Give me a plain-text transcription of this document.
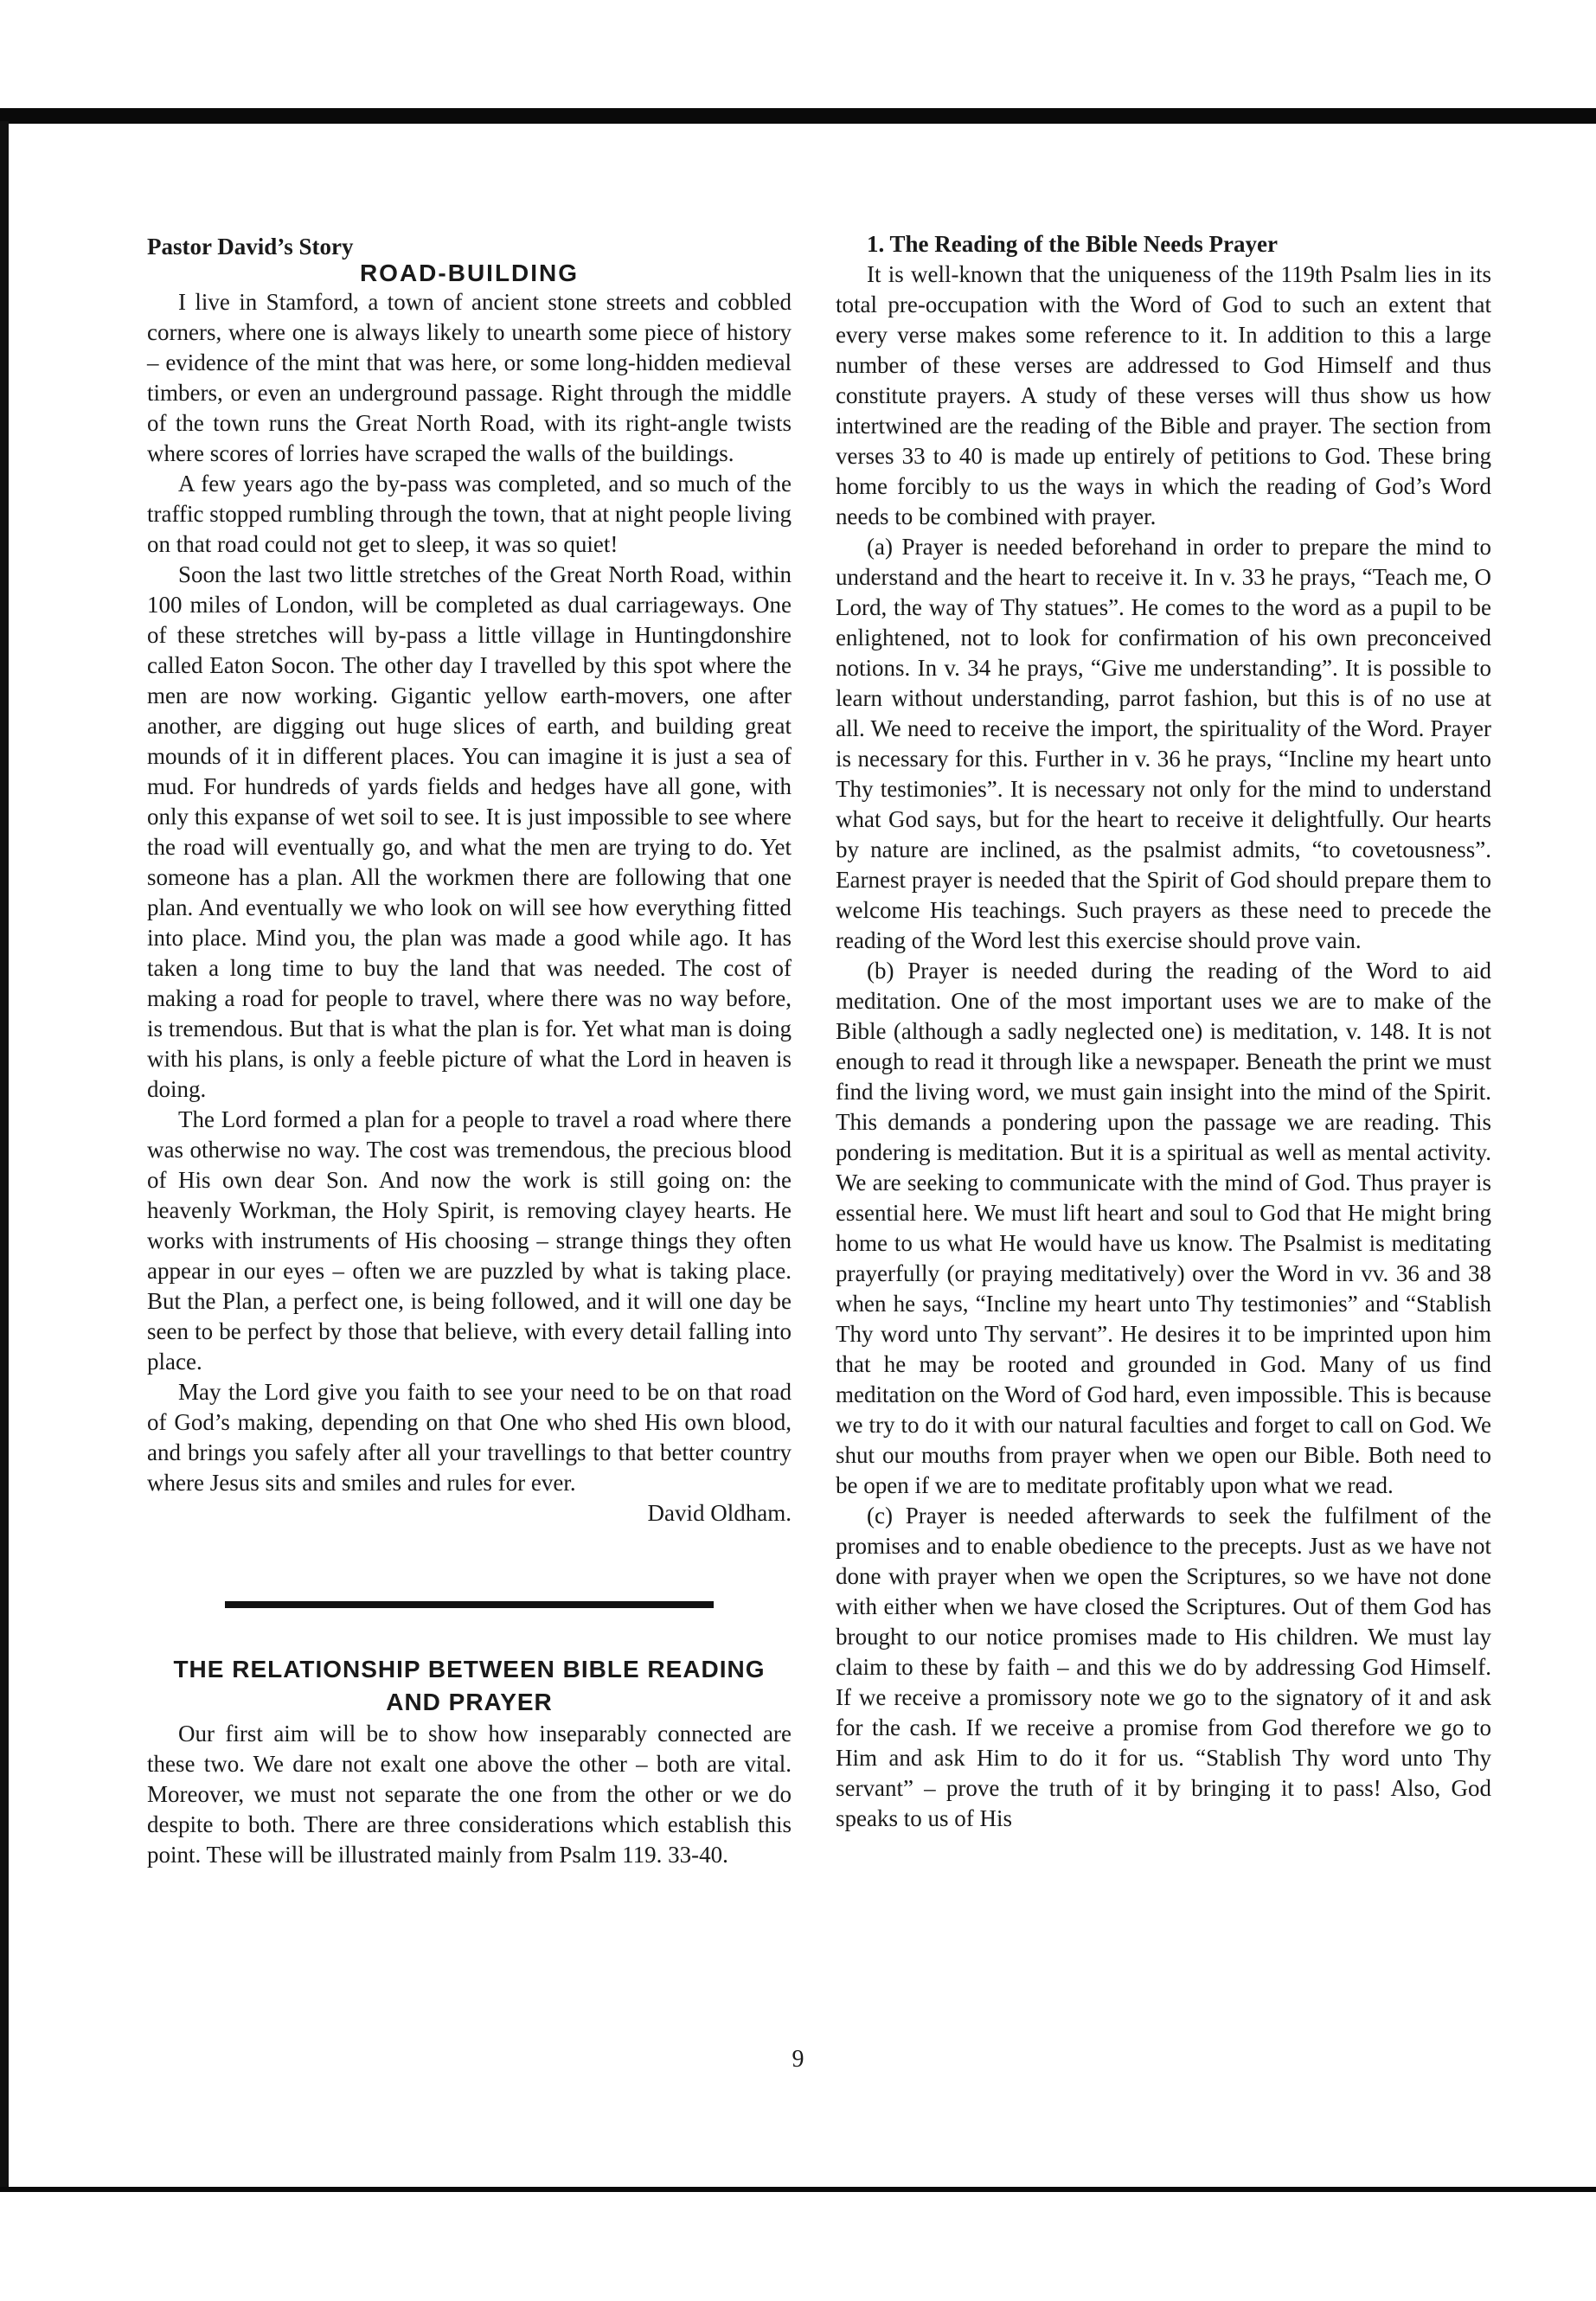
Pastor David’s Story

ROAD-BUILDING

I live in Stamford, a town of ancient stone streets and cobbled corners, where one is always likely to unearth some piece of history – evidence of the mint that was here, or some long-hidden medieval timbers, or even an underground passage. Right through the middle of the town runs the Great North Road, with its right-angle twists where scores of lorries have scraped the walls of the buildings.

A few years ago the by-pass was completed, and so much of the traffic stopped rumbling through the town, that at night people living on that road could not get to sleep, it was so quiet!

Soon the last two little stretches of the Great North Road, within 100 miles of London, will be completed as dual carriageways. One of these stretches will by-pass a little village in Huntingdonshire called Eaton Socon. The other day I travelled by this spot where the men are now working. Gigantic yellow earth-movers, one after another, are digging out huge slices of earth, and building great mounds of it in different places. You can imagine it is just a sea of mud. For hundreds of yards fields and hedges have all gone, with only this expanse of wet soil to see. It is just impossible to see where the road will eventually go, and what the men are trying to do. Yet someone has a plan. All the workmen there are following that one plan. And eventually we who look on will see how everything fitted into place. Mind you, the plan was made a good while ago. It has taken a long time to buy the land that was needed. The cost of making a road for people to travel, where there was no way before, is tremendous. But that is what the plan is for. Yet what man is doing with his plans, is only a feeble picture of what the Lord in heaven is doing.

The Lord formed a plan for a people to travel a road where there was otherwise no way. The cost was tremendous, the precious blood of His own dear Son. And now the work is still going on: the heavenly Workman, the Holy Spirit, is removing clayey hearts. He works with instruments of His choosing – strange things they often appear in our eyes – often we are puzzled by what is taking place. But the Plan, a perfect one, is being followed, and it will one day be seen to be perfect by those that believe, with every detail falling into place.

May the Lord give you faith to see your need to be on that road of God’s making, depending on that One who shed His own blood, and brings you safely after all your travellings to that better country where Jesus sits and smiles and rules for ever.

David Oldham.

THE RELATIONSHIP BETWEEN BIBLE READING
AND PRAYER

Our first aim will be to show how inseparably connected are these two. We dare not exalt one above the other – both are vital. Moreover, we must not separate the one from the other or we do despite to both. There are three considerations which establish this point. These will be illustrated mainly from Psalm 119. 33-40.

1. The Reading of the Bible Needs Prayer

It is well-known that the uniqueness of the 119th Psalm lies in its total pre-occupation with the Word of God to such an extent that every verse makes some reference to it. In addition to this a large number of these verses are addressed to God Himself and thus constitute prayers. A study of these verses will thus show us how intertwined are the reading of the Bible and prayer. The section from verses 33 to 40 is made up entirely of petitions to God. These bring home forcibly to us the ways in which the reading of God’s Word needs to be combined with prayer.

(a) Prayer is needed beforehand in order to prepare the mind to understand and the heart to receive it. In v. 33 he prays, “Teach me, O Lord, the way of Thy statues”. He comes to the word as a pupil to be enlightened, not to look for confirmation of his own preconceived notions. In v. 34 he prays, “Give me understanding”. It is possible to learn without understanding, parrot fashion, but this is of no use at all. We need to receive the import, the spirituality of the Word. Prayer is necessary for this. Further in v. 36 he prays, “Incline my heart unto Thy testimonies”. It is necessary not only for the mind to understand what God says, but for the heart to receive it delightfully. Our hearts by nature are inclined, as the psalmist admits, “to covetousness”. Earnest prayer is needed that the Spirit of God should prepare them to welcome His teachings. Such prayers as these need to precede the reading of the Word lest this exercise should prove vain.

(b) Prayer is needed during the reading of the Word to aid meditation. One of the most important uses we are to make of the Bible (although a sadly neglected one) is meditation, v. 148. It is not enough to read it through like a newspaper. Beneath the print we must find the living word, we must gain insight into the mind of the Spirit. This demands a pondering upon the passage we are reading. This pondering is meditation. But it is a spiritual as well as mental activity. We are seeking to communicate with the mind of God. Thus prayer is essential here. We must lift heart and soul to God that He might bring home to us what He would have us know. The Psalmist is meditating prayerfully (or praying meditatively) over the Word in vv. 36 and 38 when he says, “Incline my heart unto Thy testimonies” and “Stablish Thy word unto Thy servant”. He desires it to be imprinted upon him that he may be rooted and grounded in God. Many of us find meditation on the Word of God hard, even impossible. This is because we try to do it with our natural faculties and forget to call on God. We shut our mouths from prayer when we open our Bible. Both need to be open if we are to meditate profitably upon what we read.

(c) Prayer is needed afterwards to seek the fulfilment of the promises and to enable obedience to the precepts. Just as we have not done with prayer when we open the Scriptures, so we have not done with either when we have closed the Scriptures. Out of them God has brought to our notice promises made to His children. We must lay claim to these by faith – and this we do by addressing God Himself. If we receive a promissory note we go to the signatory of it and ask for the cash. If we receive a promise from God therefore we go to Him and ask Him to do it for us. “Stablish Thy word unto Thy servant” – prove the truth of it by bringing it to pass! Also, God speaks to us of His

9
